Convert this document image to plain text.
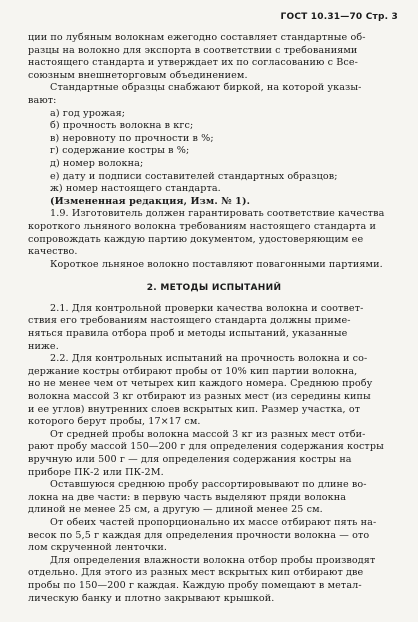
ГОСТ 10.31—70 Стр. 3

ции по лубяным волокнам ежегодно составляет стандартные об-

разцы на волокно для экспорта в соответствии с требованиями

настоящего стандарта и утверждает их по согласованию с Все-

союзным внешнеторговым объединением.

Стандартные образцы снабжают биркой, на которой указы-

вают:

а) год урожая;

б) прочность волокна в кгс;

в) неровноту по прочности в %;

г) содержание костры в %;

д) номер волокна;

е) дату и подписи составителей стандартных образцов;

ж) номер настоящего стандарта.

(Измененная редакция, Изм. № 1).

1.9. Изготовитель должен гарантировать соответствие качества

короткого льняного волокна требованиям настоящего стандарта и

сопровождать каждую партию документом, удостоверяющим ее

качество.

Короткое льняное волокно поставляют повагонными партиями.

2. МЕТОДЫ ИСПЫТАНИЙ

2.1. Для контрольной проверки качества волокна и соответ-

ствия его требованиям настоящего стандарта должны приме-

няться правила отбора проб и методы испытаний, указанные

ниже.

2.2. Для контрольных испытаний на прочность волокна и со-

держание костры отбирают пробы от 10% кип партии волокна,

но не менее чем от четырех кип каждого номера. Среднюю пробу

волокна массой 3 кг отбирают из разных мест (из середины кипы

и ее углов) внутренних слоев вскрытых кип. Размер участка, от

которого берут пробы, 17×17 см.

От средней пробы волокна массой 3 кг из разных мест отби-

рают пробу массой 150—200 г для определения содержания костры

вручную или 500 г — для определения содержания костры на

приборе ПК-2 или ПК-2М.

Оставшуюся среднюю пробу рассортировывают по длине во-

локна на две части: в первую часть выделяют пряди волокна

длиной не менее 25 см, а другую — длиной менее 25 см.

От обеих частей пропорционально их массе отбирают пять на-

весок по 5,5 г каждая для определения прочности волокна — ото

лом скрученной ленточки.

Для определения влажности волокна отбор пробы производят

отдельно. Для этого из разных мест вскрытых кип отбирают две

пробы по 150—200 г каждая. Каждую пробу помещают в метал-

лическую банку и плотно закрывают крышкой.
